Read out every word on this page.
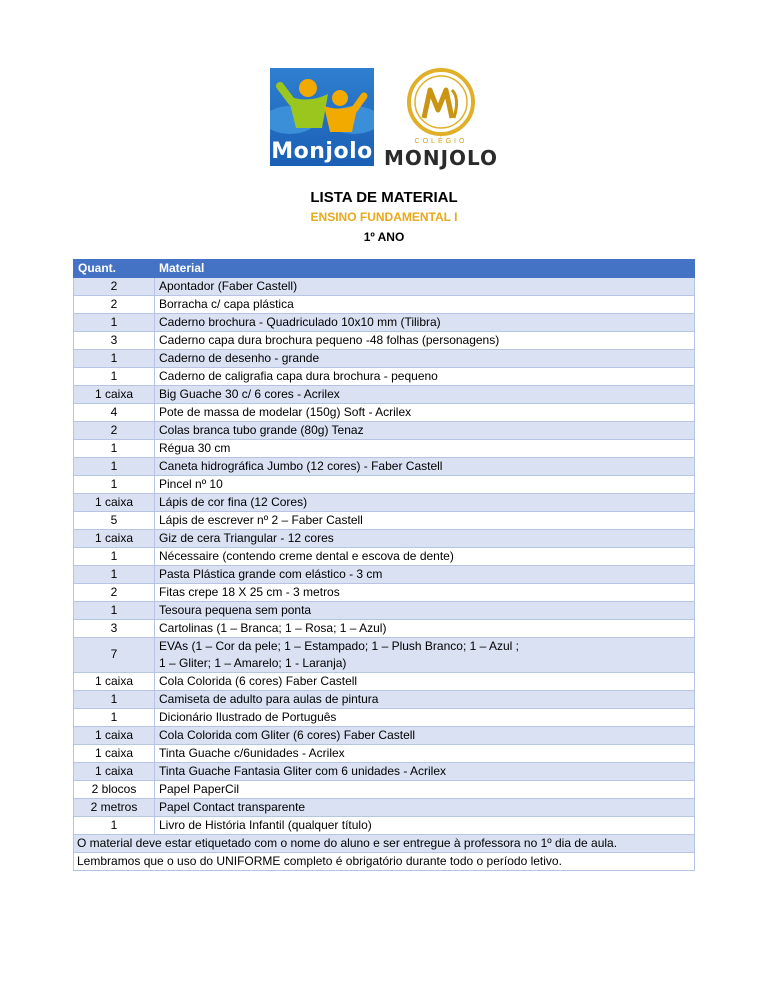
Monjolo	COLÉGIO
MONJOLO

LISTA DE MATERIAL

ENSINO FUNDAMENTAL I

1º ANO

Quant.	Material
2	Apontador (Faber Castell)
2	Borracha c/ capa plástica
1	Caderno brochura - Quadriculado 10x10 mm (Tilibra)
3	Caderno capa dura brochura pequeno -48 folhas (personagens)
1	Caderno de desenho - grande
1	Caderno de caligrafia capa dura brochura - pequeno
1 caixa	Big Guache 30 c/ 6 cores - Acrilex
4	Pote de massa de modelar (150g) Soft - Acrilex
2	Colas branca tubo grande (80g) Tenaz
1	Régua 30 cm
1	Caneta hidrográfica Jumbo (12 cores) - Faber Castell
1	Pincel nº 10
1 caixa	Lápis de cor fina (12 Cores)
5	Lápis de escrever nº 2 – Faber Castell
1 caixa	Giz de cera Triangular - 12 cores
1	Nécessaire (contendo creme dental e escova de dente)
1	Pasta Plástica grande com elástico - 3 cm
2	Fitas crepe 18 X 25 cm - 3 metros
1	Tesoura pequena sem ponta
3	Cartolinas (1 – Branca; 1 – Rosa; 1 – Azul)
7	EVAs (1 – Cor da pele; 1 – Estampado; 1 – Plush Branco; 1 – Azul ;
1 – Gliter; 1 – Amarelo; 1 - Laranja)

1 caixa	Cola Colorida (6 cores) Faber Castell
1	Camiseta de adulto para aulas de pintura
1	Dicionário Ilustrado de Português
1 caixa	Cola Colorida com Gliter (6 cores) Faber Castell
1 caixa	Tinta Guache c/6unidades - Acrilex
1 caixa	Tinta Guache Fantasia Gliter com 6 unidades - Acrilex
2 blocos	Papel PaperCil
2 metros	Papel Contact transparente
1	Livro de História Infantil (qualquer título)
O material deve estar etiquetado com o nome do aluno e ser entregue à professora no 1º dia de aula.	
Lembramos que o uso do UNIFORME completo é obrigatório durante todo o período letivo.	
